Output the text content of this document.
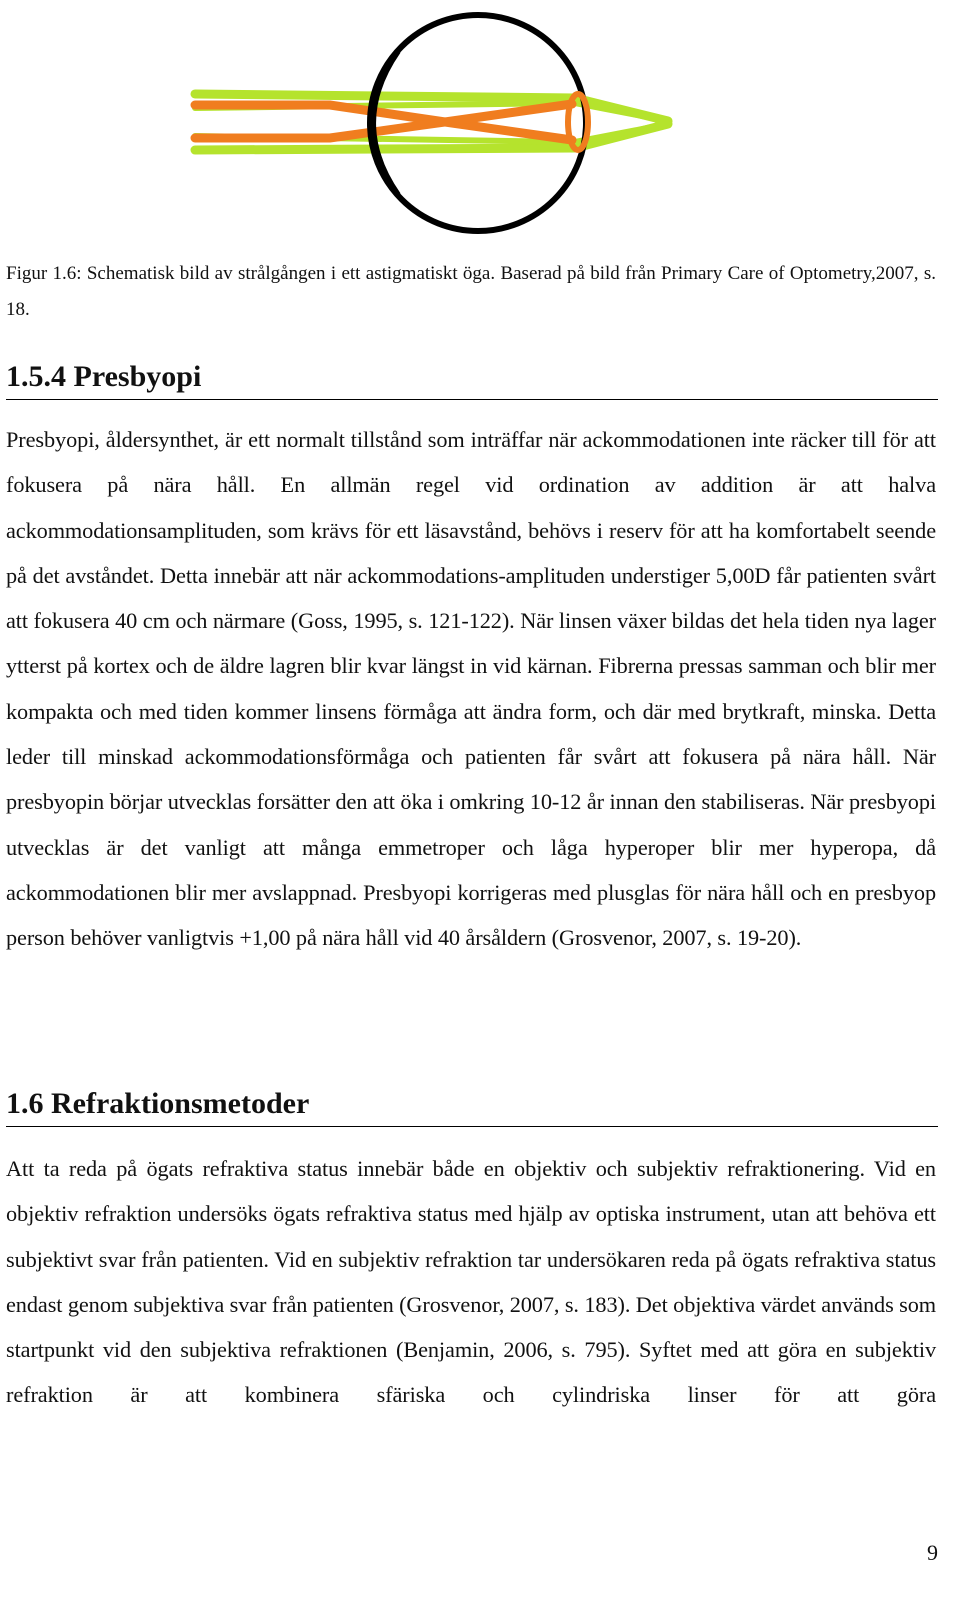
Figur 1.6: Schematisk bild av strålgången i ett astigmatiskt öga. Baserad på bild från Primary Care of Optometry,2007, s. 18.

1.5.4 Presbyopi

Presbyopi, åldersynthet, är ett normalt tillstånd som inträffar när ackommodationen inte räcker till för att fokusera på nära håll. En allmän regel vid ordination av addition är att halva ackommodationsamplituden, som krävs för ett läsavstånd, behövs i reserv för att ha komfortabelt seende på det avståndet. Detta innebär att när ackommodations-amplituden understiger 5,00D får patienten svårt att fokusera 40 cm och närmare (Goss, 1995, s. 121-122). När linsen växer bildas det hela tiden nya lager ytterst på kortex och de äldre lagren blir kvar längst in vid kärnan. Fibrerna pressas samman och blir mer kompakta och med tiden kommer linsens förmåga att ändra form, och där med brytkraft, minska. Detta leder till minskad ackommodationsförmåga och patienten får svårt att fokusera på nära håll. När presbyopin börjar utvecklas forsätter den att öka i omkring 10-12 år innan den stabiliseras. När presbyopi utvecklas är det vanligt att många emmetroper och låga hyperoper blir mer hyperopa, då ackommodationen blir mer avslappnad. Presbyopi korrigeras med plusglas för nära håll och en presbyop person behöver vanligtvis +1,00 på nära håll vid 40 årsåldern (Grosvenor, 2007, s. 19-20).

1.6 Refraktionsmetoder

Att ta reda på ögats refraktiva status innebär både en objektiv och subjektiv refraktionering. Vid en objektiv refraktion undersöks ögats refraktiva status med hjälp av optiska instrument, utan att behöva ett subjektivt svar från patienten. Vid en subjektiv refraktion tar undersökaren reda på ögats refraktiva status endast genom subjektiva svar från patienten (Grosvenor, 2007, s. 183). Det objektiva värdet används som startpunkt vid den subjektiva refraktionen (Benjamin, 2006, s. 795). Syftet med att göra en subjektiv refraktion är att kombinera sfäriska och cylindriska linser för att göra

9
